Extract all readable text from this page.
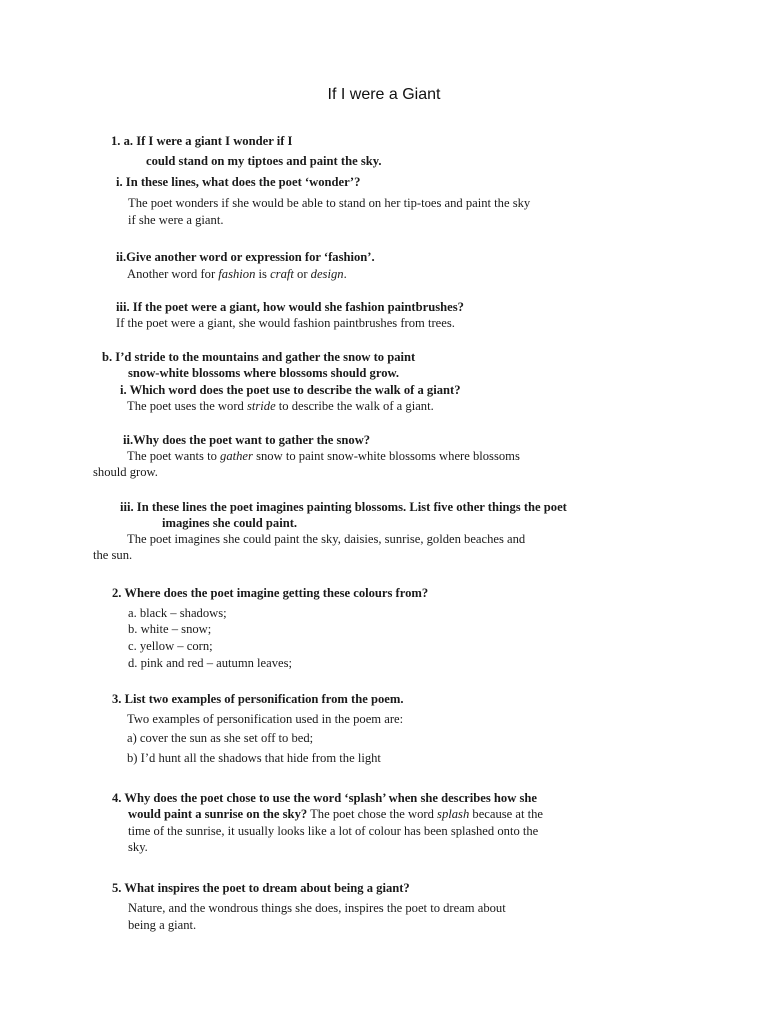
If I were a Giant
1. a. If I were a giant I wonder if I
could stand on my tiptoes and paint the sky.
i. In these lines, what does the poet ‘wonder’?
The poet wonders if she would be able to stand on her tip-toes and paint the sky
if she were a giant.
ii.Give another word or expression for ‘fashion’.
Another word for fashion is craft or design.
iii. If the poet were a giant, how would she fashion paintbrushes?
If the poet were a giant, she would fashion paintbrushes from trees.
b. I’d stride to the mountains and gather the snow to paint
snow-white blossoms where blossoms should grow.
i. Which word does the poet use to describe the walk of a giant?
The poet uses the word stride to describe the walk of a giant.
ii.Why does the poet want to gather the snow?
The poet wants to gather snow to paint snow-white blossoms where blossoms
should grow.
iii. In these lines the poet imagines painting blossoms. List five other things the poet
imagines she could paint.
The poet imagines she could paint the sky, daisies, sunrise, golden beaches and
the sun.
2. Where does the poet imagine getting these colours from?
a. black – shadows;
b. white – snow;
c. yellow – corn;
d. pink and red – autumn leaves;
3. List two examples of personification from the poem.
Two examples of personification used in the poem are:
a) cover the sun as she set off to bed;
b) I’d hunt all the shadows that hide from the light
4. Why does the poet chose to use the word ‘splash’ when she describes how she
would paint a sunrise on the sky? The poet chose the word splash because at the
time of the sunrise, it usually looks like a lot of colour has been splashed onto the
sky.
5. What inspires the poet to dream about being a giant?
Nature, and the wondrous things she does, inspires the poet to dream about
being a giant.
